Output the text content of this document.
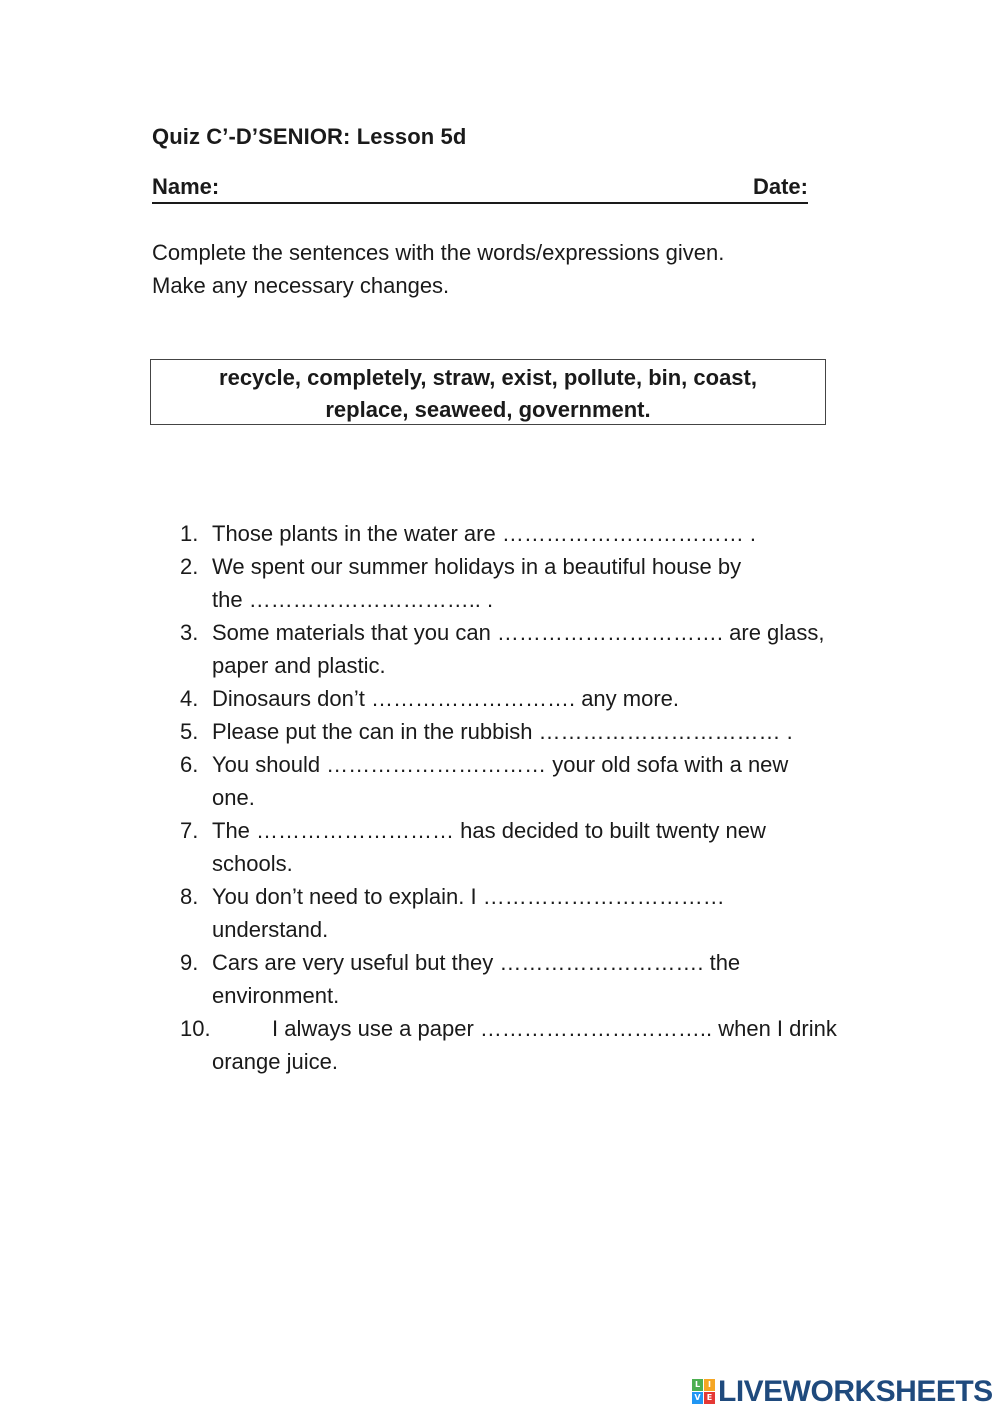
Quiz C’-D’SENIOR: Lesson 5d
Name:	Date:
Complete the sentences with the words/expressions given.
Make any necessary changes.
recycle, completely, straw, exist, pollute, bin, coast,
replace, seaweed, government.
1. Those plants in the water are …………………………… .
2. We spent our summer holidays in a beautiful house by
the ………………………….. .
3. Some materials that you can …………………………. are glass,
paper and plastic.
4. Dinosaurs don’t ………………………. any more.
5. Please put the can in the rubbish …………………………… .
6. You should ………………………… your old sofa with a new
one.
7. The ……………………… has decided to built twenty new
schools.
8. You don’t need to explain. I ……………………………
understand.
9. Cars are very useful but they ………………………. the
environment.
10.	I always use a paper ………………………….. when I drink
orange juice.
L I
V E LIVEWORKSHEETS
